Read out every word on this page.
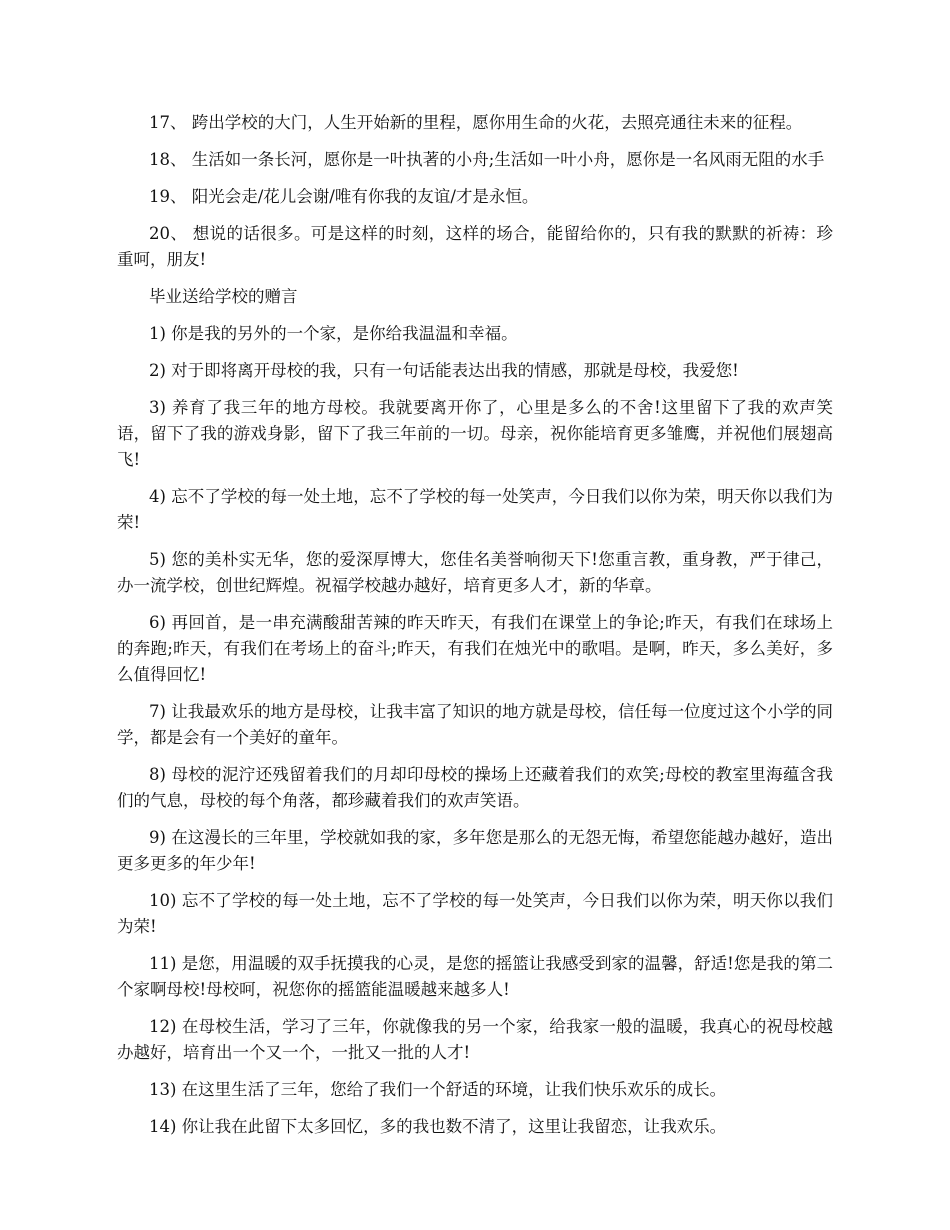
17、 跨出学校的大门，人生开始新的里程，愿你用生命的火花，去照亮通往未来的征程。

18、 生活如一条长河，愿你是一叶执著的小舟;生活如一叶小舟，愿你是一名风雨无阻的水手

19、 阳光会走/花儿会谢/唯有你我的友谊/才是永恒。

20、 想说的话很多。可是这样的时刻，这样的场合，能留给你的，只有我的默默的祈祷：珍重呵，朋友!

毕业送给学校的赠言

1) 你是我的另外的一个家，是你给我温温和幸福。

2) 对于即将离开母校的我，只有一句话能表达出我的情感，那就是母校，我爱您!

3) 养育了我三年的地方母校。我就要离开你了，心里是多么的不舍!这里留下了我的欢声笑语，留下了我的游戏身影，留下了我三年前的一切。母亲，祝你能培育更多雏鹰，并祝他们展翅高飞!

4) 忘不了学校的每一处土地，忘不了学校的每一处笑声，今日我们以你为荣，明天你以我们为荣!

5) 您的美朴实无华，您的爱深厚博大，您佳名美誉响彻天下!您重言教，重身教，严于律己，办一流学校，创世纪辉煌。祝福学校越办越好，培育更多人才，新的华章。

6) 再回首，是一串充满酸甜苦辣的昨天昨天，有我们在课堂上的争论;昨天，有我们在球场上的奔跑;昨天，有我们在考场上的奋斗;昨天，有我们在烛光中的歌唱。是啊，昨天，多么美好，多么值得回忆!

7) 让我最欢乐的地方是母校，让我丰富了知识的地方就是母校，信任每一位度过这个小学的同学，都是会有一个美好的童年。

8) 母校的泥泞还残留着我们的月却印母校的操场上还藏着我们的欢笑;母校的教室里海蕴含我们的气息，母校的每个角落，都珍藏着我们的欢声笑语。

9) 在这漫长的三年里，学校就如我的家，多年您是那么的无怨无悔，希望您能越办越好，造出更多更多的年少年!

10) 忘不了学校的每一处土地，忘不了学校的每一处笑声，今日我们以你为荣，明天你以我们为荣!

11) 是您，用温暖的双手抚摸我的心灵，是您的摇篮让我感受到家的温馨，舒适!您是我的第二个家啊母校!母校呵，祝您你的摇篮能温暖越来越多人!

12) 在母校生活，学习了三年，你就像我的另一个家，给我家一般的温暖，我真心的祝母校越办越好，培育出一个又一个，一批又一批的人才!

13) 在这里生活了三年，您给了我们一个舒适的环境，让我们快乐欢乐的成长。

14) 你让我在此留下太多回忆，多的我也数不清了，这里让我留恋，让我欢乐。
